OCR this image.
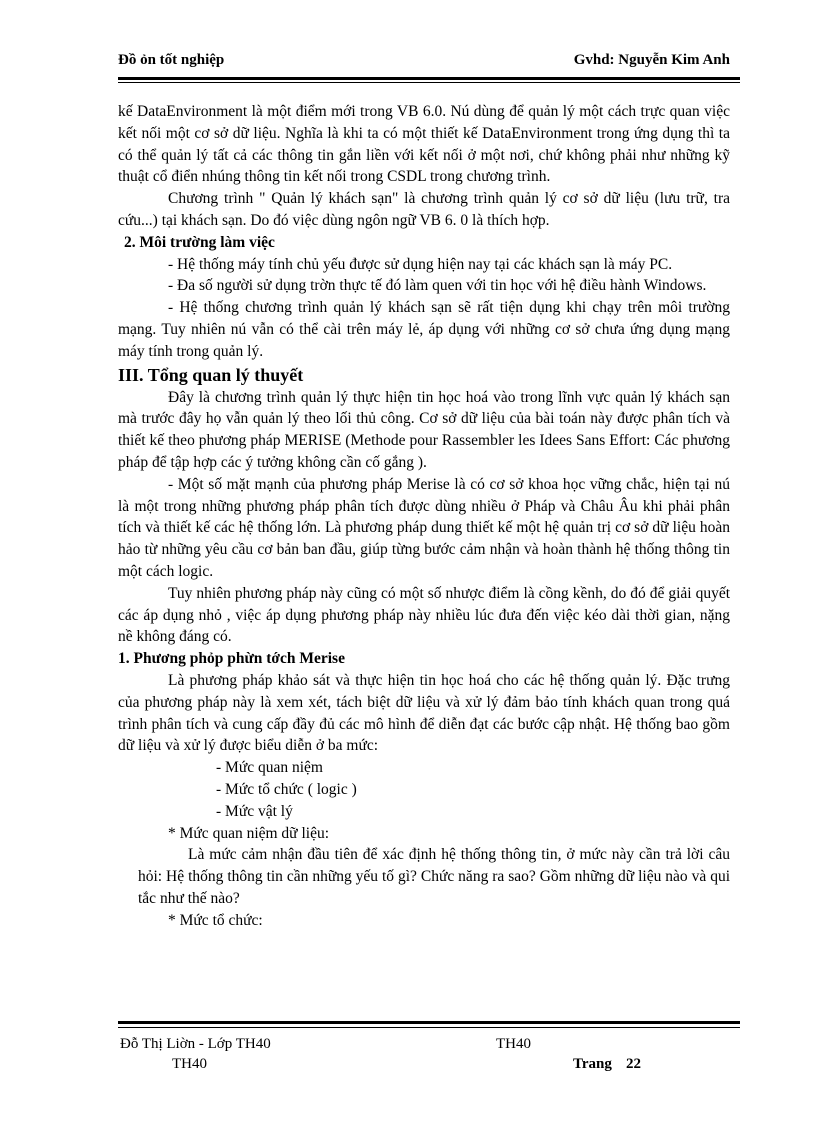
Đồ ỏn tốt nghiệp	Gvhd: Nguyễn Kim Anh

kế DataEnvironment là một điểm mới trong VB 6.0. Nú dùng để quản lý một cách trực quan việc kết nối một cơ sở dữ liệu. Nghĩa là khi ta có một thiết kế DataEnvironment trong ứng dụng thì ta có thể quản lý tất cả các thông tin gắn liền với kết nối ở một nơi, chứ không phải như những kỹ thuật cổ điển nhúng thông tin kết nối trong CSDL trong chương trình.

Chương trình " Quản lý khách sạn" là chương trình quản lý cơ sở dữ liệu (lưu trữ, tra cứu...) tại khách sạn. Do đó việc dùng ngôn ngữ VB 6. 0 là thích hợp.

2. Môi trường làm việc

- Hệ thống máy tính chủ yếu được sử dụng hiện nay tại các khách sạn là máy PC.

- Đa số người sử dụng trờn thực tế đó làm quen với tin học với hệ điều hành Windows.

- Hệ thống chương trình quản lý khách sạn sẽ rất tiện dụng khi chạy trên môi trường mạng. Tuy nhiên nú vẫn có thể cài trên máy lẻ, áp dụng với những cơ sở chưa ứng dụng mạng máy tính trong quản lý.

III. Tổng quan lý thuyết

Đây là chương trình quản lý thực hiện tin học hoá vào trong lĩnh vực quản lý khách sạn mà trước đây họ vẫn quản lý theo lối thủ công. Cơ sở dữ liệu của bài toán này được phân tích và thiết kế theo phương pháp MERISE (Methode pour Rassembler les Idees Sans Effort: Các phương pháp để tập hợp các ý tưởng không cần cố gắng ).

- Một số mặt mạnh của phương pháp Merise là có cơ sở khoa học vững chắc, hiện tại nú là một trong những phương pháp phân tích được dùng nhiều ở Pháp và Châu Âu khi phải phân tích và thiết kế các hệ thống lớn. Là phương pháp dung thiết kế một hệ quản trị cơ sở dữ liệu hoàn hảo từ những yêu cầu cơ bản ban đầu, giúp từng bước cảm nhận và hoàn thành hệ thống thông tin một cách logic.

Tuy nhiên phương pháp này cũng có một số nhược điểm là cồng kềnh, do đó để giải quyết các áp dụng nhỏ , việc áp dụng phương pháp này nhiều lúc đưa đến việc kéo dài thời gian, nặng nề không đáng có.

1. Phương phỏp phừn tớch Merise

Là phương pháp khảo sát và thực hiện tin học hoá cho các hệ thống quản lý. Đặc trưng của phương pháp này là xem xét, tách biệt dữ liệu và xử lý đảm bảo tính khách quan trong quá trình phân tích và cung cấp đầy đủ các mô hình để diễn đạt các bước cập nhật. Hệ thống bao gồm dữ liệu và xử lý được biểu diễn ở ba mức:

- Mức quan niệm

- Mức tổ chức ( logic )

- Mức vật lý

* Mức quan niệm dữ liệu:

Là mức cảm nhận đầu tiên để xác định hệ thống thông tin, ở mức này cần trả lời câu hỏi: Hệ thống thông tin cần những yếu tố gì? Chức năng ra sao? Gồm những dữ liệu nào và qui tắc như thế nào?

* Mức tổ chức:

Đỗ Thị Liờn - Lớp TH40	TH40
TH40	Trang 22
